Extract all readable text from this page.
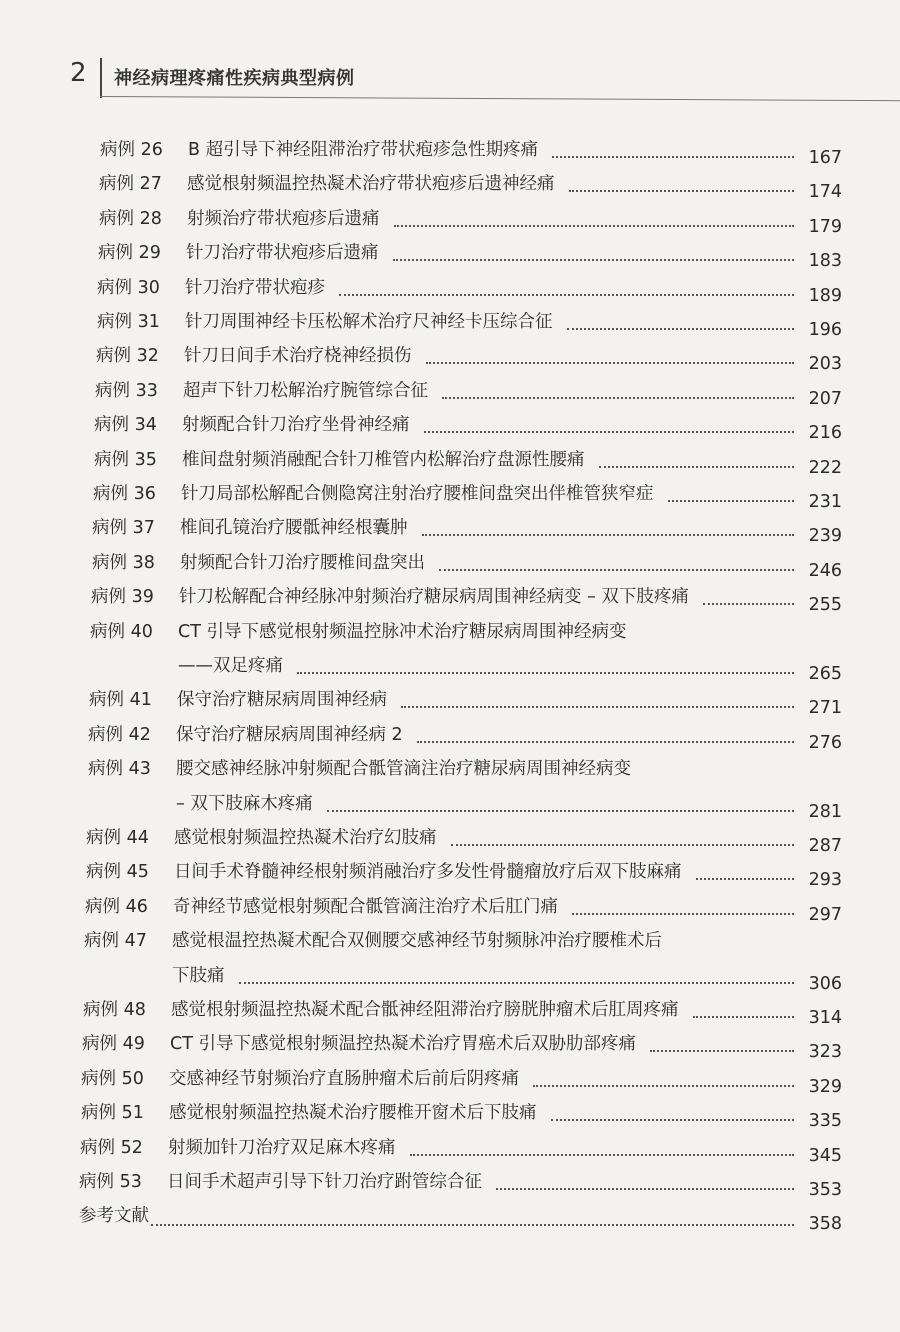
2 神经病理疼痛性疾病典型病例
病例 26 B 超引导下神经阻滞治疗带状疱疹急性期疼痛	167
病例 27 感觉根射频温控热凝术治疗带状疱疹后遗神经痛	174
病例 28 射频治疗带状疱疹后遗痛	179
病例 29 针刀治疗带状疱疹后遗痛	183
病例 30 针刀治疗带状疱疹	189
病例 31 针刀周围神经卡压松解术治疗尺神经卡压综合征	196
病例 32 针刀日间手术治疗桡神经损伤	203
病例 33 超声下针刀松解治疗腕管综合征	207
病例 34 射频配合针刀治疗坐骨神经痛	216
病例 35 椎间盘射频消融配合针刀椎管内松解治疗盘源性腰痛	222
病例 36 针刀局部松解配合侧隐窝注射治疗腰椎间盘突出伴椎管狭窄症	231
病例 37 椎间孔镜治疗腰骶神经根囊肿	239
病例 38 射频配合针刀治疗腰椎间盘突出	246
病例 39 针刀松解配合神经脉冲射频治疗糖尿病周围神经病变 – 双下肢疼痛	255
病例 40 CT 引导下感觉根射频温控脉冲术治疗糖尿病周围神经病变
——双足疼痛	265
病例 41 保守治疗糖尿病周围神经病	271
病例 42 保守治疗糖尿病周围神经病 2	276
病例 43 腰交感神经脉冲射频配合骶管滴注治疗糖尿病周围神经病变
– 双下肢麻木疼痛	281
病例 44 感觉根射频温控热凝术治疗幻肢痛	287
病例 45 日间手术脊髓神经根射频消融治疗多发性骨髓瘤放疗后双下肢麻痛	293
病例 46 奇神经节感觉根射频配合骶管滴注治疗术后肛门痛	297
病例 47 感觉根温控热凝术配合双侧腰交感神经节射频脉冲治疗腰椎术后
下肢痛	306
病例 48 感觉根射频温控热凝术配合骶神经阻滞治疗膀胱肿瘤术后肛周疼痛	314
病例 49 CT 引导下感觉根射频温控热凝术治疗胃癌术后双胁肋部疼痛	323
病例 50 交感神经节射频治疗直肠肿瘤术后前后阴疼痛	329
病例 51 感觉根射频温控热凝术治疗腰椎开窗术后下肢痛	335
病例 52 射频加针刀治疗双足麻木疼痛	345
病例 53 日间手术超声引导下针刀治疗跗管综合征	353
参考文献	358
